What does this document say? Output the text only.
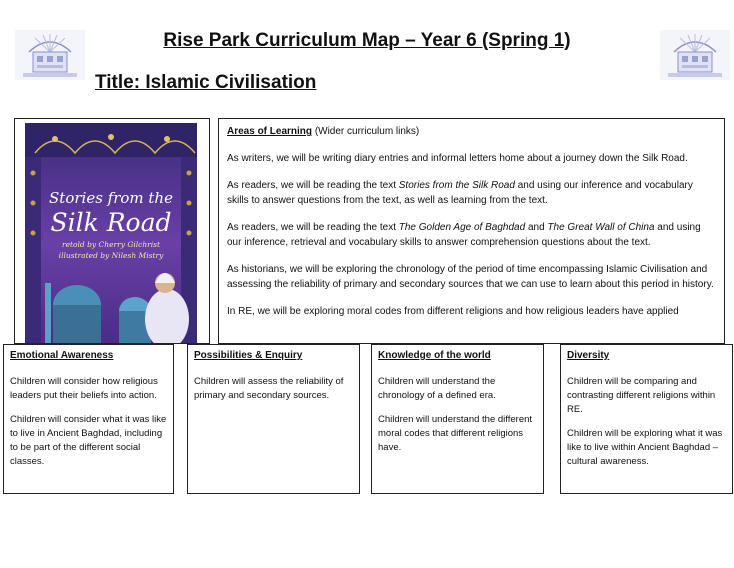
Rise Park Curriculum Map – Year 6 (Spring 1)
Title: Islamic Civilisation
Stories from the
Silk Road
retold by Cherry Gilchrist
illustrated by Nilesh Mistry

Areas of Learning (Wider curriculum links)

As writers, we will be writing diary entries and informal letters home about a journey down the Silk Road.

As readers, we will be reading the text Stories from the Silk Road and using our inference and vocabulary skills to answer questions from the text, as well as learning from the text.

As readers, we will be reading the text The Golden Age of Baghdad and The Great Wall of China and using our inference, retrieval and vocabulary skills to answer comprehension questions about the text.

As historians, we will be exploring the chronology of the period of time encompassing Islamic Civilisation and assessing the reliability of primary and secondary sources that we can use to learn about this period in history.

In RE, we will be exploring moral codes from different religions and how religious leaders have applied

Emotional Awareness

Children will consider how religious leaders put their beliefs into action.

Children will consider what it was like to live in Ancient Baghdad, including to be part of the different social classes.

Possibilities & Enquiry

Children will assess the reliability of primary and secondary sources.

Knowledge of the world

Children will understand the chronology of a defined era.

Children will understand the different moral codes that different religions have.

Diversity

Children will be comparing and contrasting different religions within RE.

Children will be exploring what it was like to live within Ancient Baghdad – cultural awareness.
